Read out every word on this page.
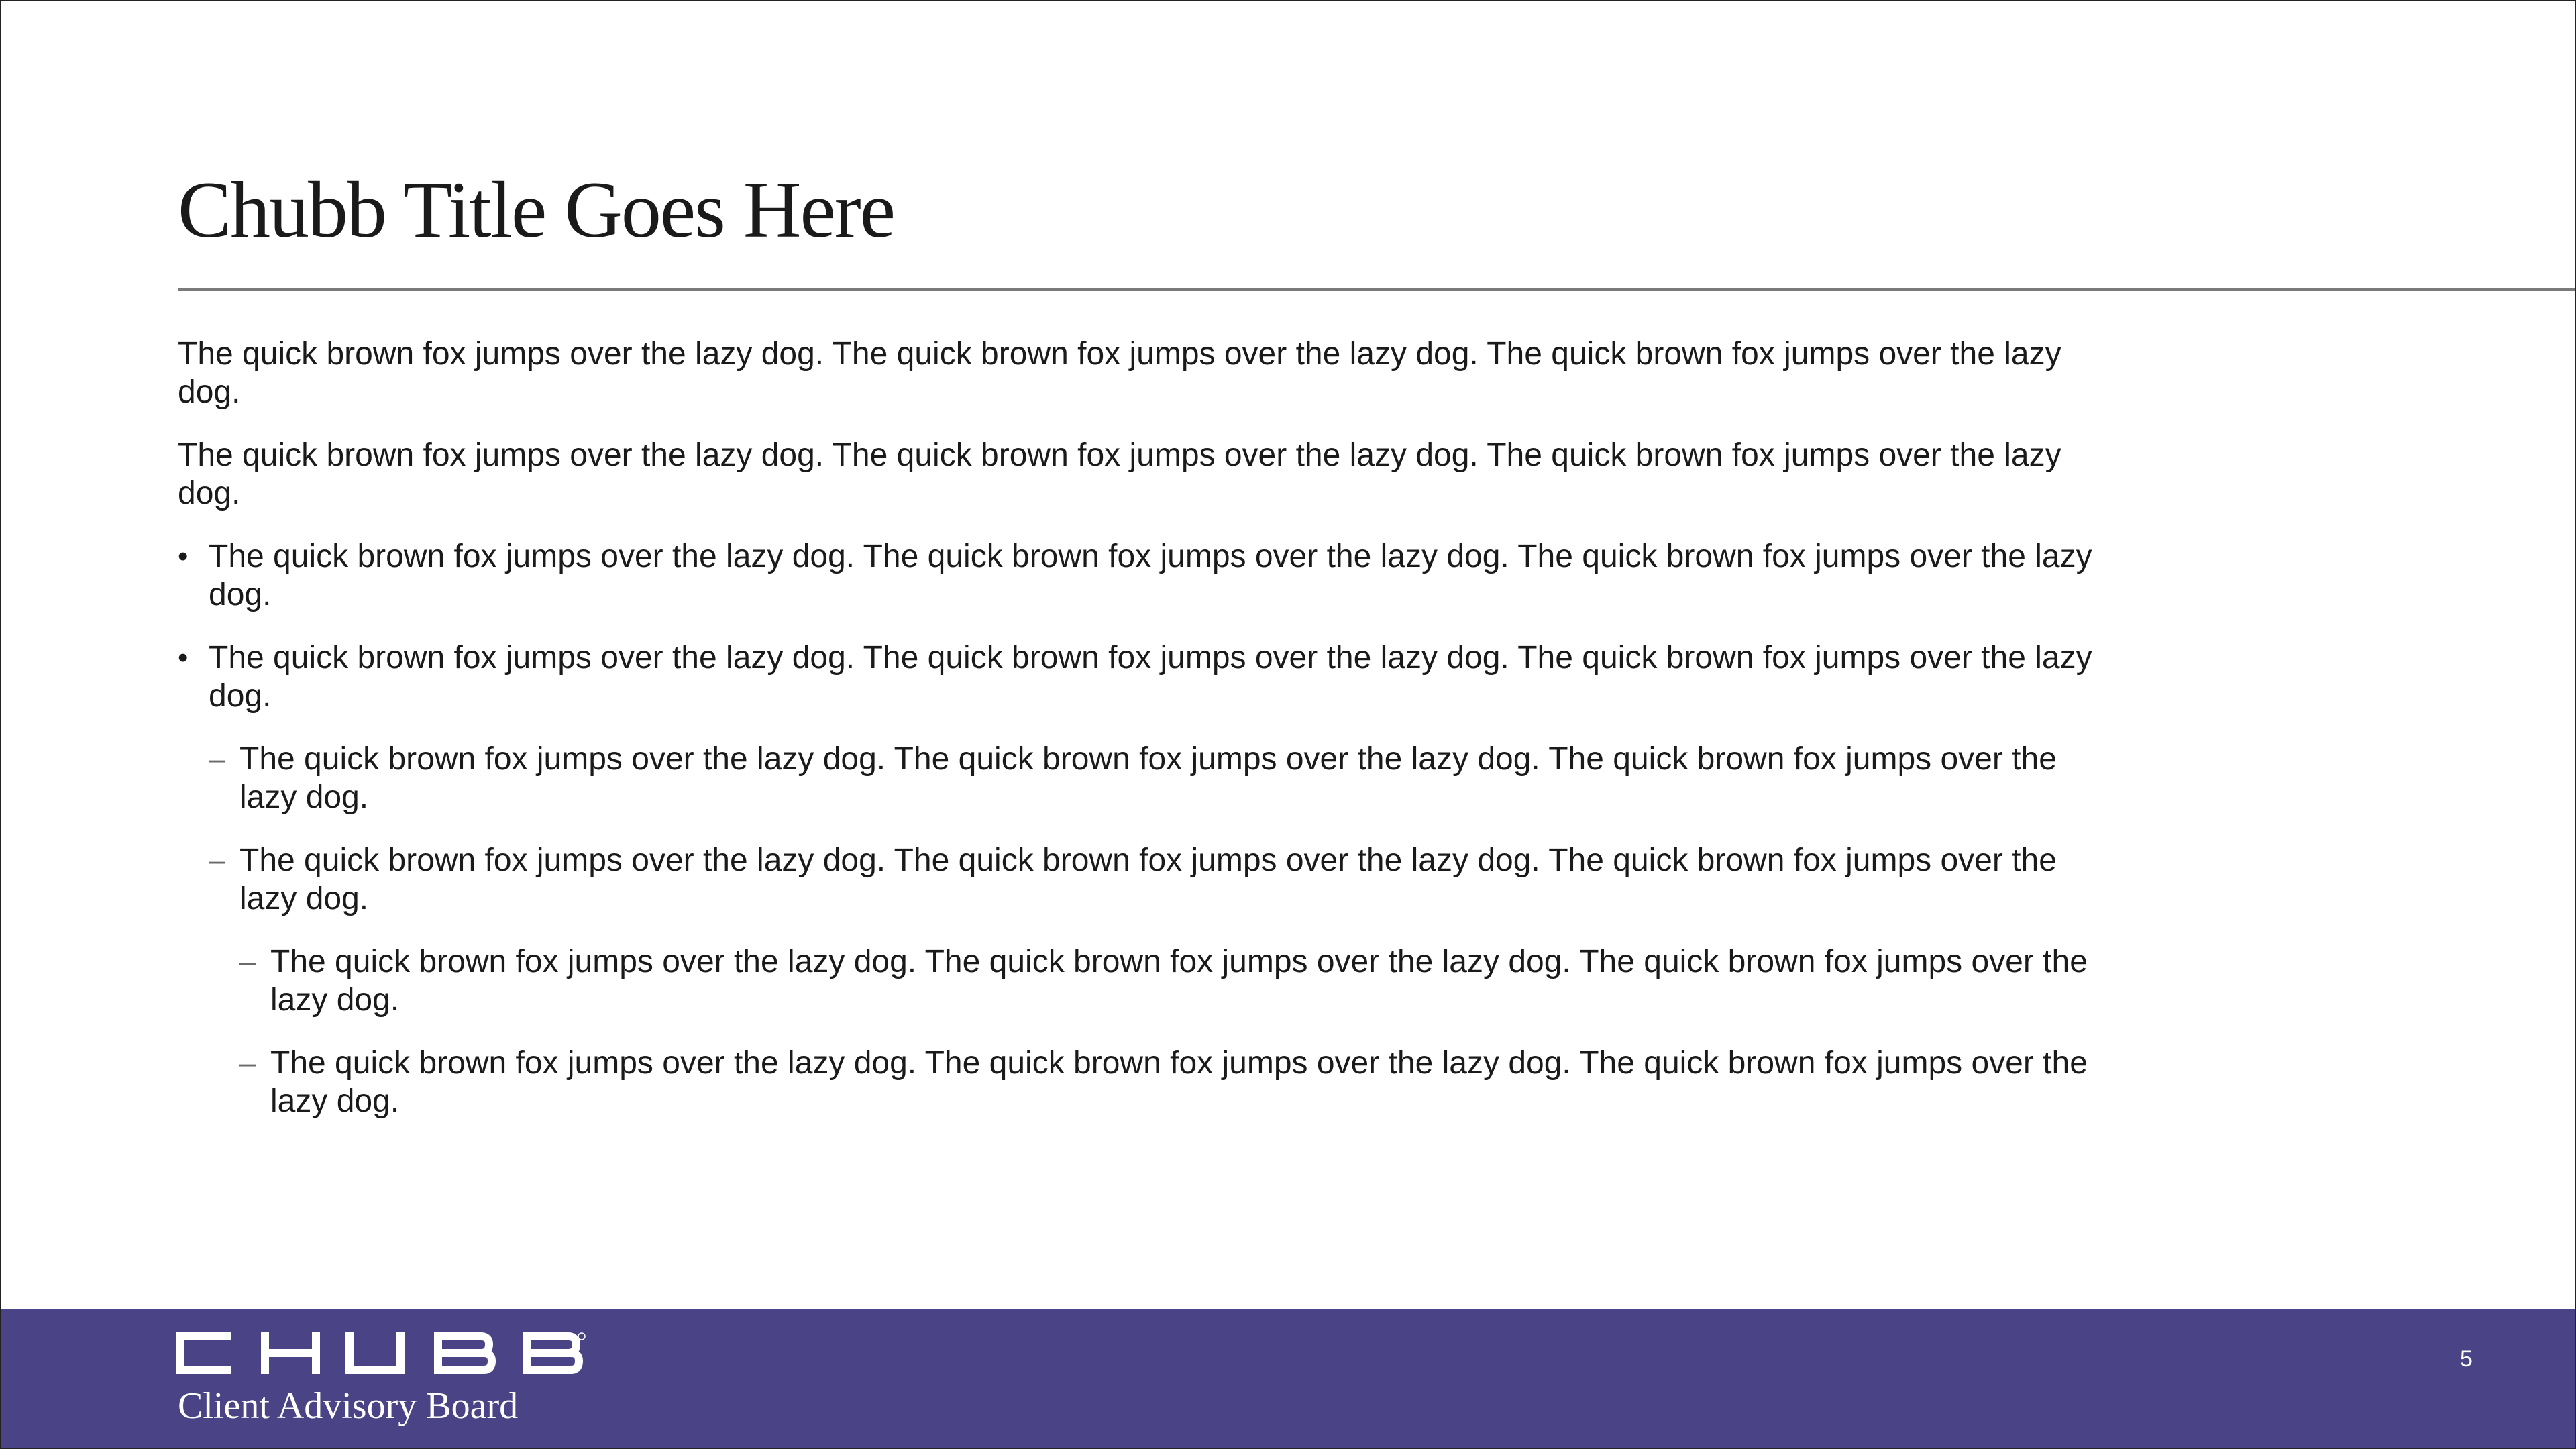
Chubb Title Goes Here

The quick brown fox jumps over the lazy dog. The quick brown fox jumps over the lazy dog. The quick brown fox jumps over the lazy dog.

The quick brown fox jumps over the lazy dog. The quick brown fox jumps over the lazy dog. The quick brown fox jumps over the lazy dog.

• The quick brown fox jumps over the lazy dog. The quick brown fox jumps over the lazy dog. The quick brown fox jumps over the lazy dog.
• The quick brown fox jumps over the lazy dog. The quick brown fox jumps over the lazy dog. The quick brown fox jumps over the lazy dog.
– The quick brown fox jumps over the lazy dog. The quick brown fox jumps over the lazy dog. The quick brown fox jumps over the lazy dog.
– The quick brown fox jumps over the lazy dog. The quick brown fox jumps over the lazy dog. The quick brown fox jumps over the lazy dog.
– The quick brown fox jumps over the lazy dog. The quick brown fox jumps over the lazy dog. The quick brown fox jumps over the lazy dog.
– The quick brown fox jumps over the lazy dog. The quick brown fox jumps over the lazy dog. The quick brown fox jumps over the lazy dog.
Client Advisory Board
5
